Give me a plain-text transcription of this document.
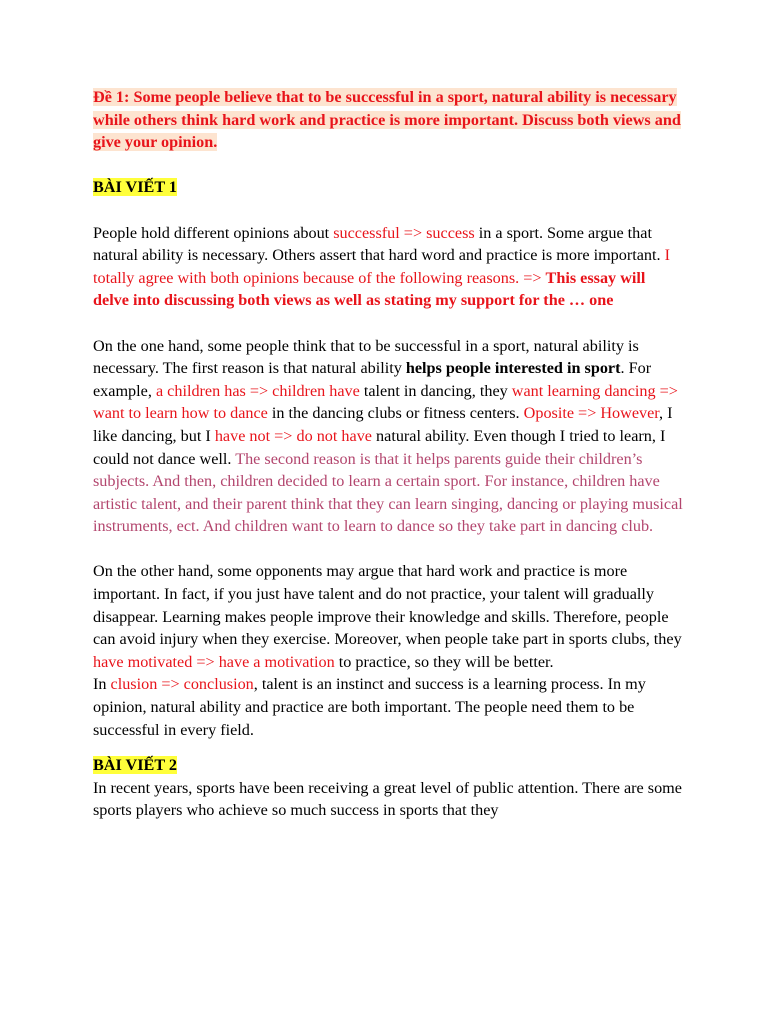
Đề 1: Some people believe that to be successful in a sport, natural ability is necessary while others think hard work and practice is more important. Discuss both views and give your opinion.

BÀI VIẾT 1

People hold different opinions about successful => success in a sport. Some argue that natural ability is necessary. Others assert that hard word and practice is more important. I totally agree with both opinions because of the following reasons. => This essay will delve into discussing both views as well as stating my support for the … one

On the one hand, some people think that to be successful in a sport, natural ability is necessary. The first reason is that natural ability helps people interested in sport. For example, a children has => children have talent in dancing, they want learning dancing => want to learn how to dance in the dancing clubs or fitness centers. Oposite => However, I like dancing, but I have not => do not have natural ability. Even though I tried to learn, I could not dance well. The second reason is that it helps parents guide their children’s subjects. And then, children decided to learn a certain sport. For instance, children have artistic talent, and their parent think that they can learn singing, dancing or playing musical instruments, ect. And children want to learn to dance so they take part in dancing club.

On the other hand, some opponents may argue that hard work and practice is more important. In fact, if you just have talent and do not practice, your talent will gradually disappear. Learning makes people improve their knowledge and skills. Therefore, people can avoid injury when they exercise. Moreover, when people take part in sports clubs, they have motivated => have a motivation to practice, so they will be better.

In clusion => conclusion, talent is an instinct and success is a learning process. In my opinion, natural ability and practice are both important. The people need them to be successful in every field.

BÀI VIẾT 2

In recent years, sports have been receiving a great level of public attention. There are some sports players who achieve so much success in sports that they
